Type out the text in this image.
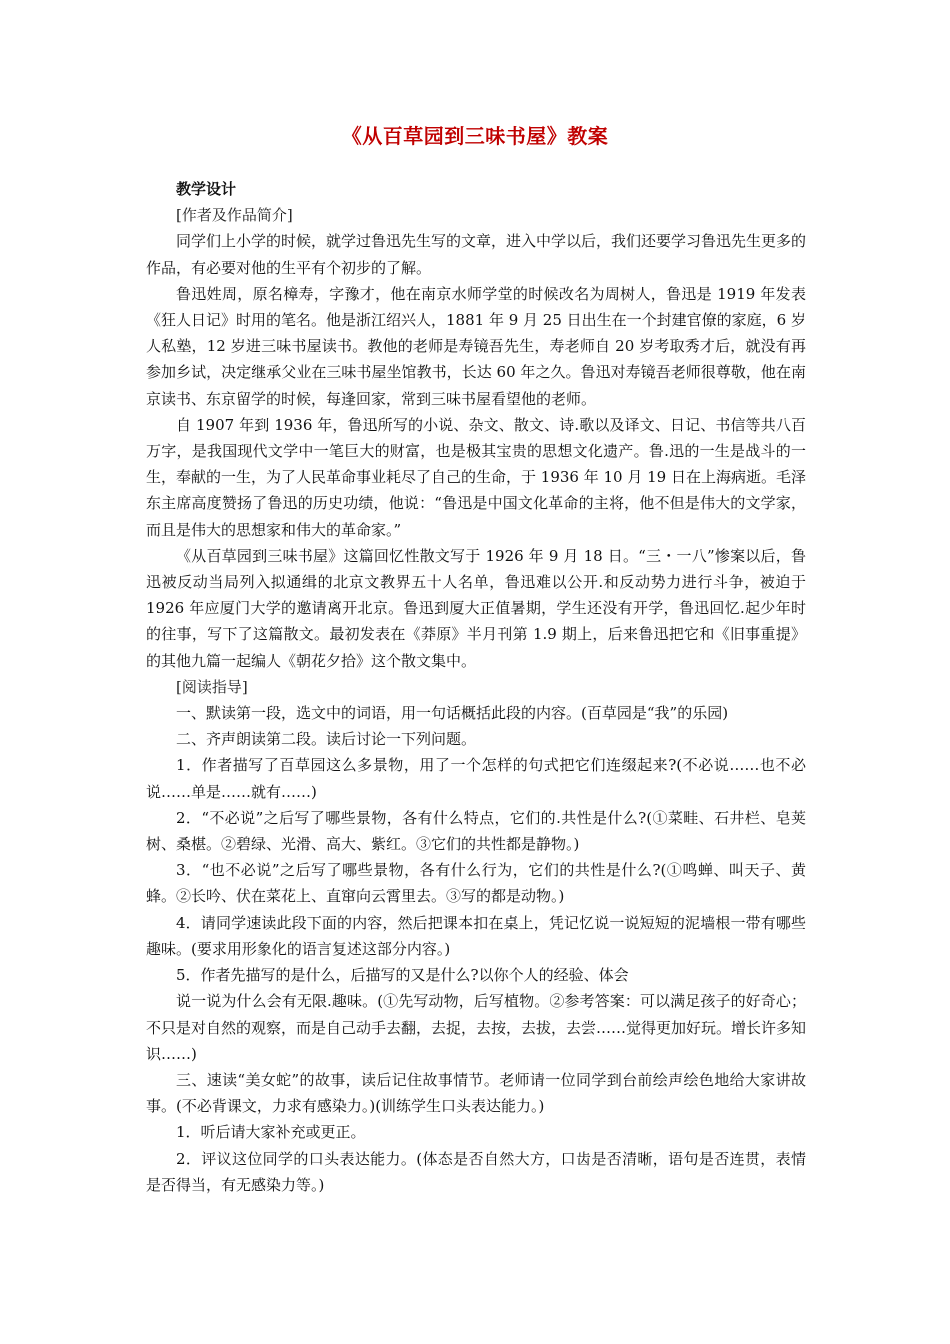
《从百草园到三味书屋》教案

教学设计

[作者及作品简介]

同学们上小学的时候，就学过鲁迅先生写的文章，进入中学以后，我们还要学习鲁迅先生更多的作品，有必要对他的生平有个初步的了解。

鲁迅姓周，原名樟寿，字豫才，他在南京水师学堂的时候改名为周树人，鲁迅是 1919 年发表《狂人日记》时用的笔名。他是浙江绍兴人，1881 年 9 月 25 日出生在一个封建官僚的家庭，6 岁人私塾，12 岁进三味书屋读书。教他的老师是寿镜吾先生，寿老师自 20 岁考取秀才后，就没有再参加乡试，决定继承父业在三味书屋坐馆教书，长达 60 年之久。鲁迅对寿镜吾老师很尊敬，他在南京读书、东京留学的时候，每逢回家，常到三味书屋看望他的老师。

自 1907 年到 1936 年，鲁迅所写的小说、杂文、散文、诗.歌以及译文、日记、书信等共八百万字，是我国现代文学中一笔巨大的财富，也是极其宝贵的思想文化遗产。鲁.迅的一生是战斗的一生，奉献的一生，为了人民革命事业耗尽了自己的生命，于 1936 年 10 月 19 日在上海病逝。毛泽东主席高度赞扬了鲁迅的历史功绩，他说：“鲁迅是中国文化革命的主将，他不但是伟大的文学家，而且是伟大的思想家和伟大的革命家。”

《从百草园到三味书屋》这篇回忆性散文写于 1926 年 9 月 18 日。“三・一八”惨案以后，鲁迅被反动当局列入拟通缉的北京文教界五十人名单，鲁迅难以公开.和反动势力进行斗争，被迫于 1926 年应厦门大学的邀请离开北京。鲁迅到厦大正值暑期，学生还没有开学，鲁迅回忆.起少年时的往事，写下了这篇散文。最初发表在《莽原》半月刊第 1.9 期上，后来鲁迅把它和《旧事重提》的其他九篇一起编人《朝花夕拾》这个散文集中。

[阅读指导]

一、默读第一段，选文中的词语，用一句话概括此段的内容。(百草园是“我”的乐园)

二、齐声朗读第二段。读后讨论一下列问题。

1．作者描写了百草园这么多景物，用了一个怎样的句式把它们连缀起来?(不必说……也不必说……单是……就有……)

2．“不必说”之后写了哪些景物，各有什么特点，它们的.共性是什么?(①菜畦、石井栏、皂荚树、桑椹。②碧绿、光滑、高大、紫红。③它们的共性都是静物。)

3．“也不必说”之后写了哪些景物，各有什么行为，它们的共性是什么?(①鸣蝉、叫天子、黄蜂。②长吟、伏在菜花上、直窜向云霄里去。③写的都是动物。)

4．请同学速读此段下面的内容，然后把课本扣在桌上，凭记忆说一说短短的泥墙根一带有哪些趣味。(要求用形象化的语言复述这部分内容。)

5．作者先描写的是什么，后描写的又是什么?以你个人的经验、体会

说一说为什么会有无限.趣味。(①先写动物，后写植物。②参考答案：可以满足孩子的好奇心；不只是对自然的观察，而是自己动手去翻，去捉，去按，去拔，去尝……觉得更加好玩。增长许多知识……)

三、速读“美女蛇”的故事，读后记住故事情节。老师请一位同学到台前绘声绘色地给大家讲故事。(不必背课文，力求有感染力。)(训练学生口头表达能力。)

1．听后请大家补充或更正。

2．评议这位同学的口头表达能力。(体态是否自然大方，口齿是否清晰，语句是否连贯，表情是否得当，有无感染力等。)
